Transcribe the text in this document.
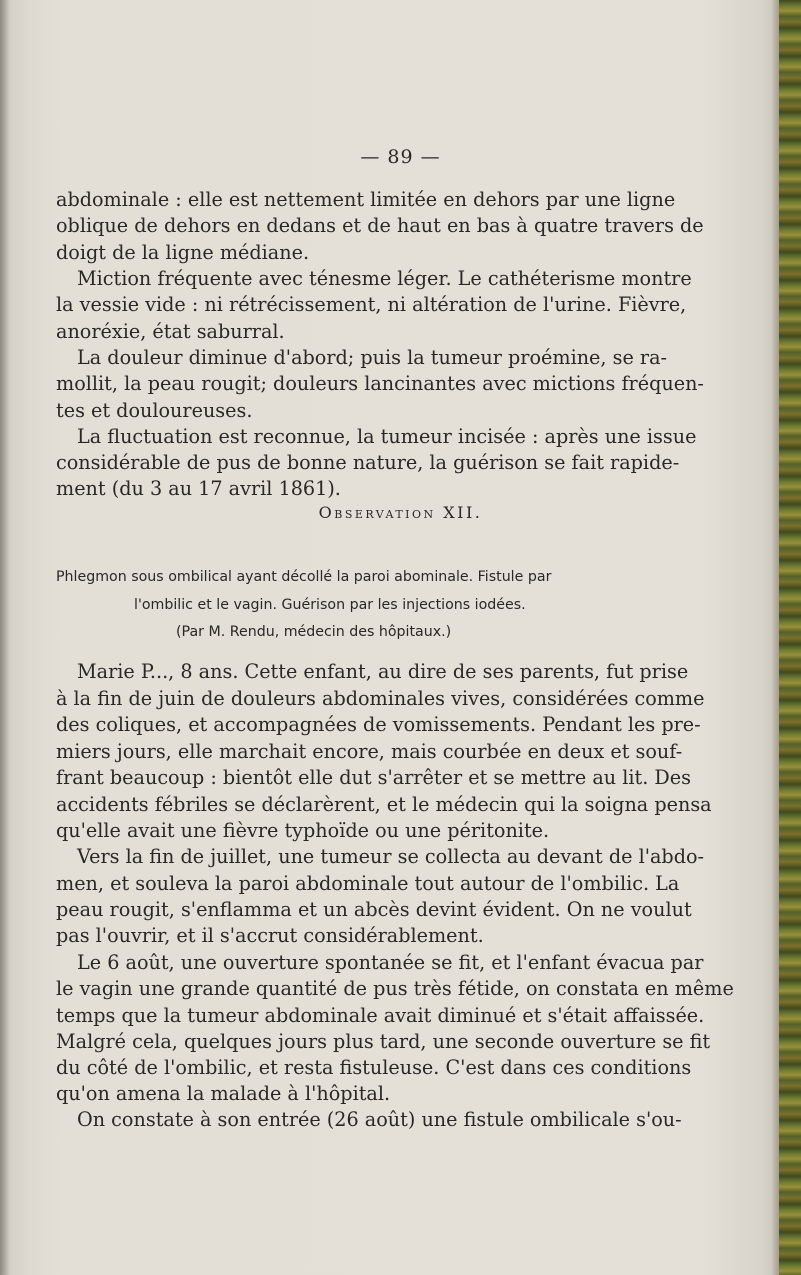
— 89 —
abdominale : elle est nettement limitée en dehors par une ligne
oblique de dehors en dedans et de haut en bas à quatre travers de
doigt de la ligne médiane.
Miction fréquente avec ténesme léger. Le cathéterisme montre
la vessie vide : ni rétrécissement, ni altération de l'urine. Fièvre,
anoréxie, état saburral.
La douleur diminue d'abord; puis la tumeur proémine, se ra-
mollit, la peau rougit; douleurs lancinantes avec mictions fréquen-
tes et douloureuses.
La fluctuation est reconnue, la tumeur incisée : après une issue
considérable de pus de bonne nature, la guérison se fait rapide-
ment (du 3 au 17 avril 1861).
Observation XII.
Phlegmon sous ombilical ayant décollé la paroi abominale. Fistule par
l'ombilic et le vagin. Guérison par les injections iodées.
(Par M. Rendu, médecin des hôpitaux.)
Marie P..., 8 ans. Cette enfant, au dire de ses parents, fut prise
à la fin de juin de douleurs abdominales vives, considérées comme
des coliques, et accompagnées de vomissements. Pendant les pre-
miers jours, elle marchait encore, mais courbée en deux et souf-
frant beaucoup : bientôt elle dut s'arrêter et se mettre au lit. Des
accidents fébriles se déclarèrent, et le médecin qui la soigna pensa
qu'elle avait une fièvre typhoïde ou une péritonite.
Vers la fin de juillet, une tumeur se collecta au devant de l'abdo-
men, et souleva la paroi abdominale tout autour de l'ombilic. La
peau rougit, s'enflamma et un abcès devint évident. On ne voulut
pas l'ouvrir, et il s'accrut considérablement.
Le 6 août, une ouverture spontanée se fit, et l'enfant évacua par
le vagin une grande quantité de pus très fétide, on constata en même
temps que la tumeur abdominale avait diminué et s'était affaissée.
Malgré cela, quelques jours plus tard, une seconde ouverture se fit
du côté de l'ombilic, et resta fistuleuse. C'est dans ces conditions
qu'on amena la malade à l'hôpital.
On constate à son entrée (26 août) une fistule ombilicale s'ou-
